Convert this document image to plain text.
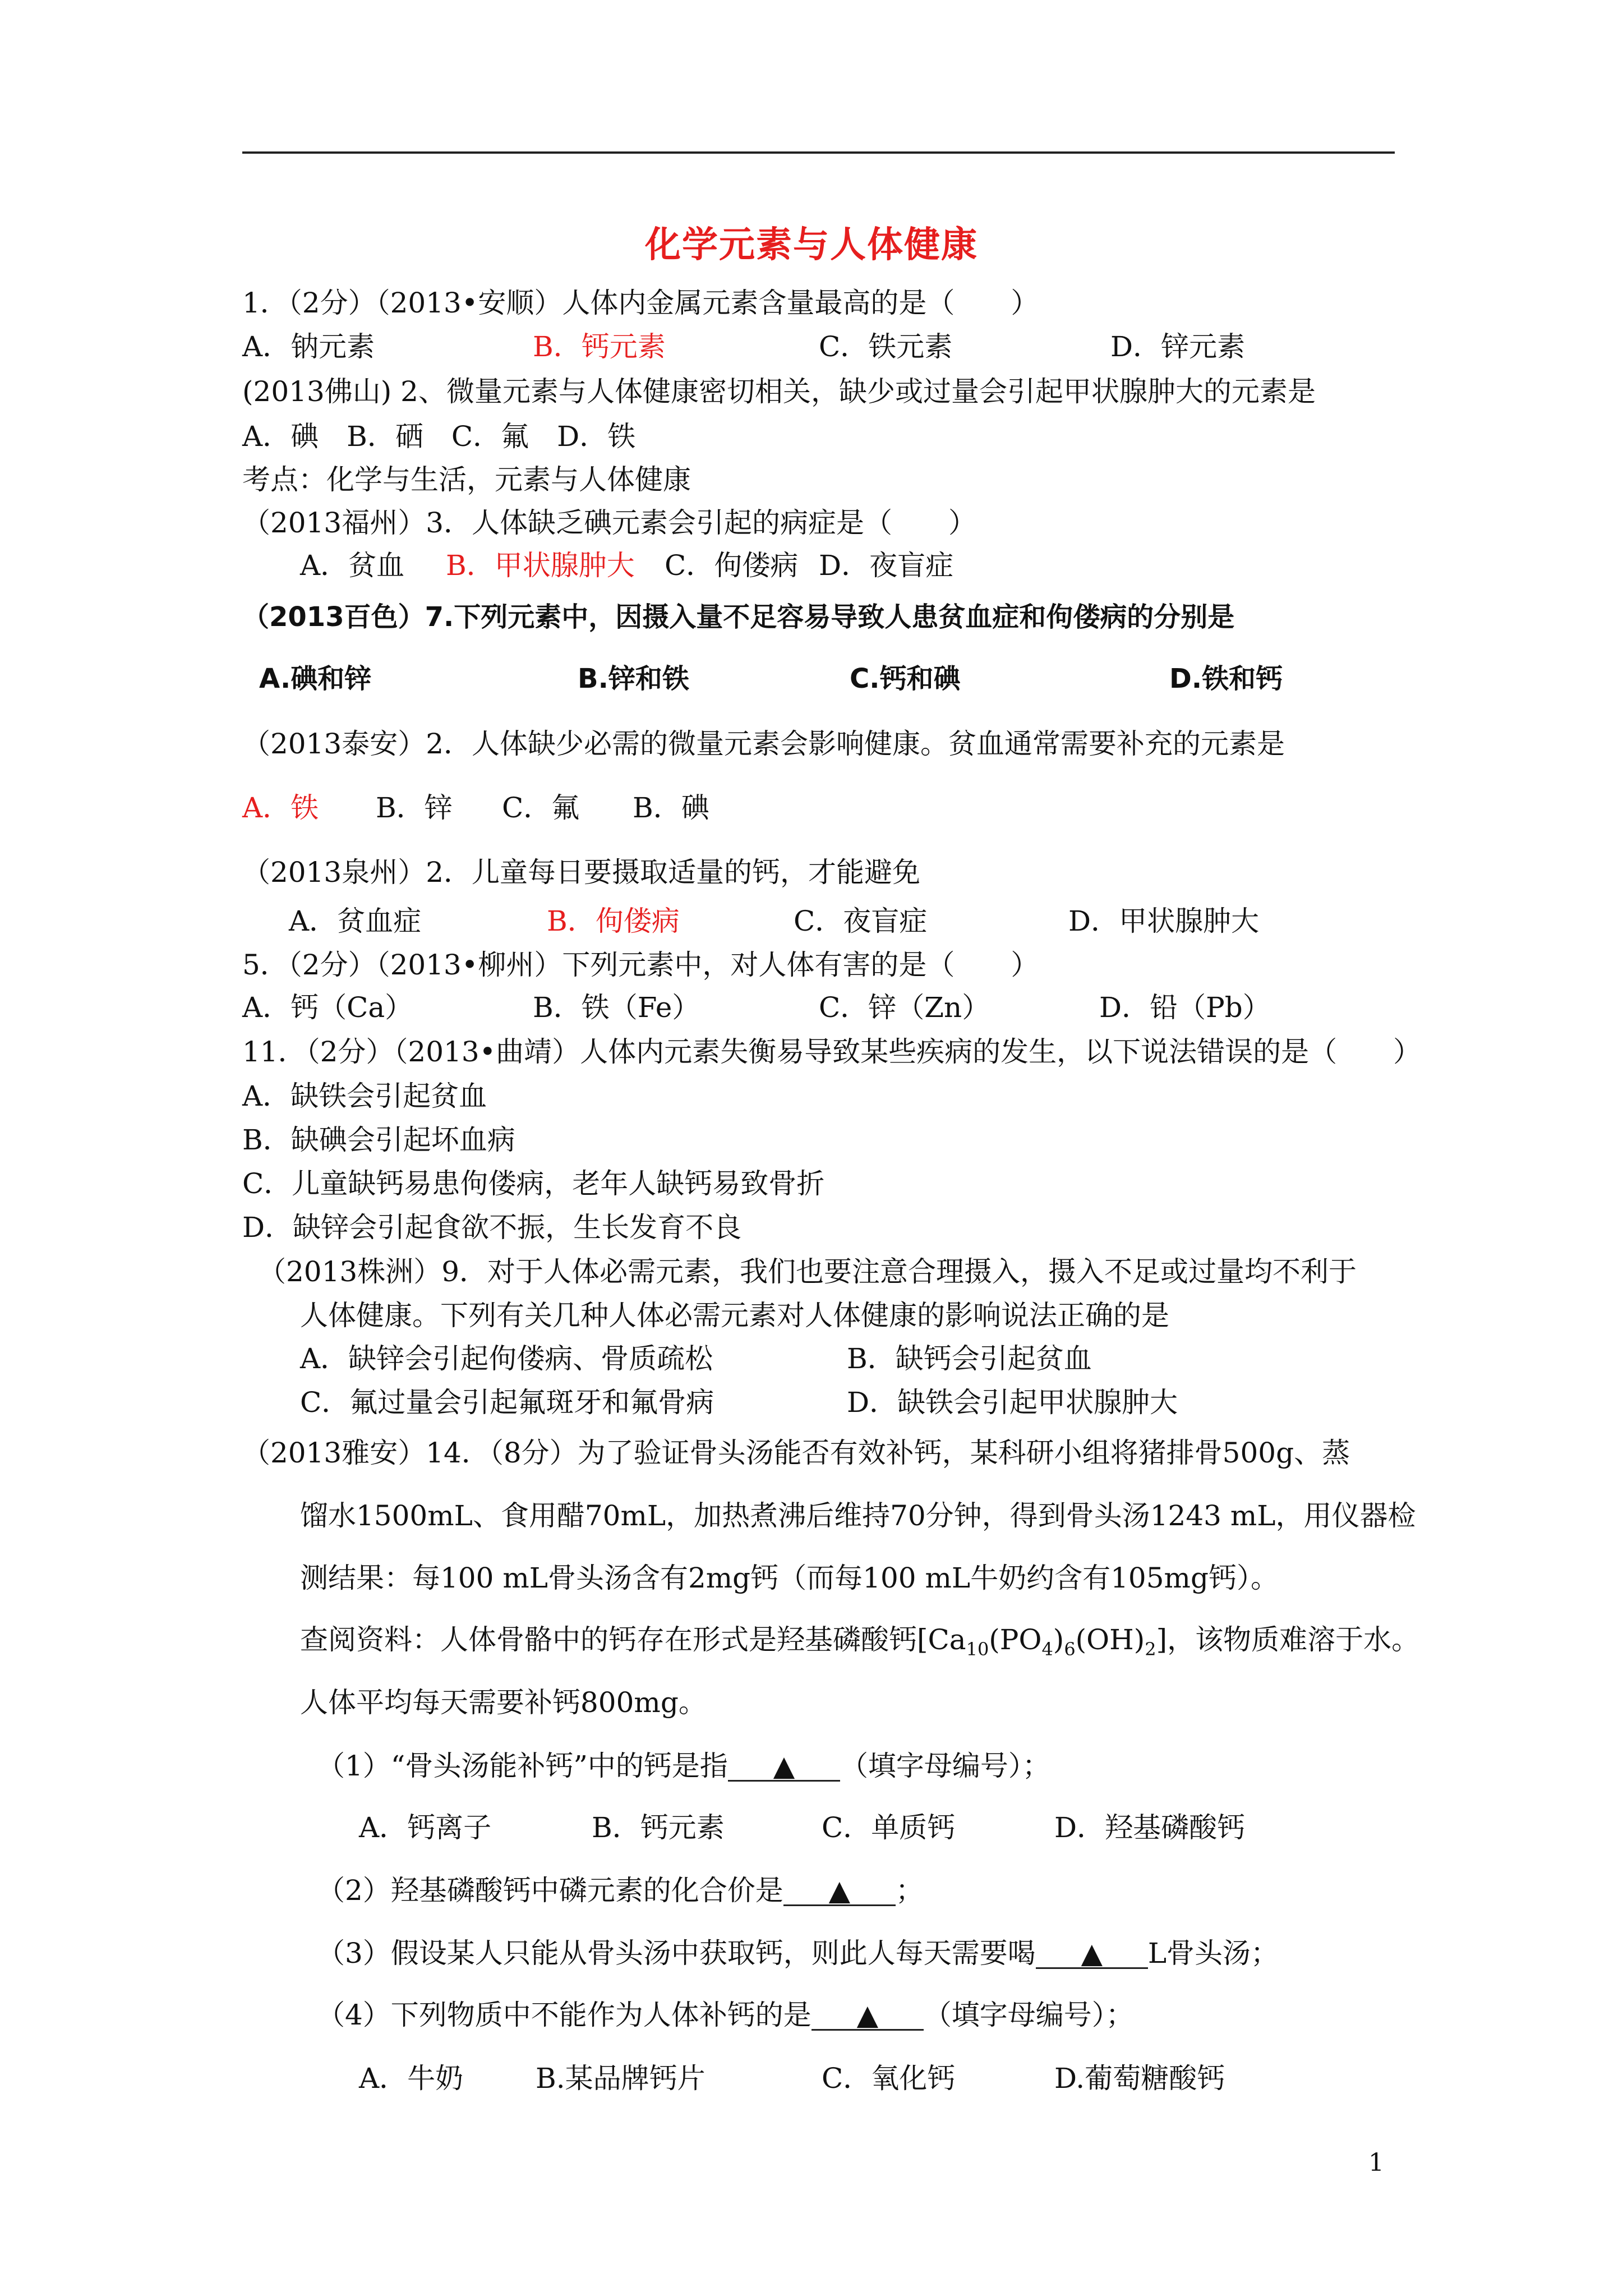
化学元素与人体健康
1．（2分）（2013•安顺）人体内金属元素含量最高的是（　　）
A．钠元素	B．钙元素	C．铁元素	D．锌元素
(2013佛山) 2、微量元素与人体健康密切相关，缺少或过量会引起甲状腺肿大的元素是
A．碘　B．硒　C．氟　D．铁
考点：化学与生活，元素与人体健康
（2013福州）3．人体缺乏碘元素会引起的病症是（　　）
A．贫血 B．甲状腺肿大 C．佝偻病 D．夜盲症
（2013百色）7.下列元素中，因摄入量不足容易导致人患贫血症和佝偻病的分别是
A.碘和锌	B.锌和铁	C.钙和碘	D.铁和钙
（2013泰安）2．人体缺少必需的微量元素会影响健康。贫血通常需要补充的元素是
A．铁 B．锌 C．氟 B．碘
（2013泉州）2．儿童每日要摄取适量的钙，才能避免
A．贫血症	B．佝偻病	C．夜盲症	D．甲状腺肿大
5．（2分）（2013•柳州）下列元素中，对人体有害的是（　　）
A．钙（Ca）	B．铁（Fe）	C．锌（Zn）	D．铅（Pb）
11．（2分）（2013•曲靖）人体内元素失衡易导致某些疾病的发生，以下说法错误的是（　　）
A．缺铁会引起贫血
B．缺碘会引起坏血病
C．儿童缺钙易患佝偻病，老年人缺钙易致骨折
D．缺锌会引起食欲不振，生长发育不良
（2013株洲）9．对于人体必需元素，我们也要注意合理摄入，摄入不足或过量均不利于
人体健康。下列有关几种人体必需元素对人体健康的影响说法正确的是
A．缺锌会引起佝偻病、骨质疏松	B．缺钙会引起贫血
C．氟过量会引起氟斑牙和氟骨病	D．缺铁会引起甲状腺肿大
（2013雅安）14．（8分）为了验证骨头汤能否有效补钙，某科研小组将猪排骨500g、蒸
馏水1500mL、食用醋70mL，加热煮沸后维持70分钟，得到骨头汤1243 mL，用仪器检
测结果：每100 mL骨头汤含有2mg钙（而每100 mL牛奶约含有105mg钙）。
查阅资料：人体骨骼中的钙存在形式是羟基磷酸钙$[Ca_{10}(PO_4)_6(OH)_2]$，该物质难溶于水。
人体平均每天需要补钙800mg。
（1）“骨头汤能补钙”中的钙是指 ▲ （填字母编号）；
A．钙离子	B．钙元素	C．单质钙	D．羟基磷酸钙
（2）羟基磷酸钙中磷元素的化合价是 ▲ ；
（3）假设某人只能从骨头汤中获取钙，则此人每天需要喝 ▲ L骨头汤；
（4）下列物质中不能作为人体补钙的是 ▲ （填字母编号）；
A．牛奶	B.某品牌钙片	C．氧化钙	D.葡萄糖酸钙
1
